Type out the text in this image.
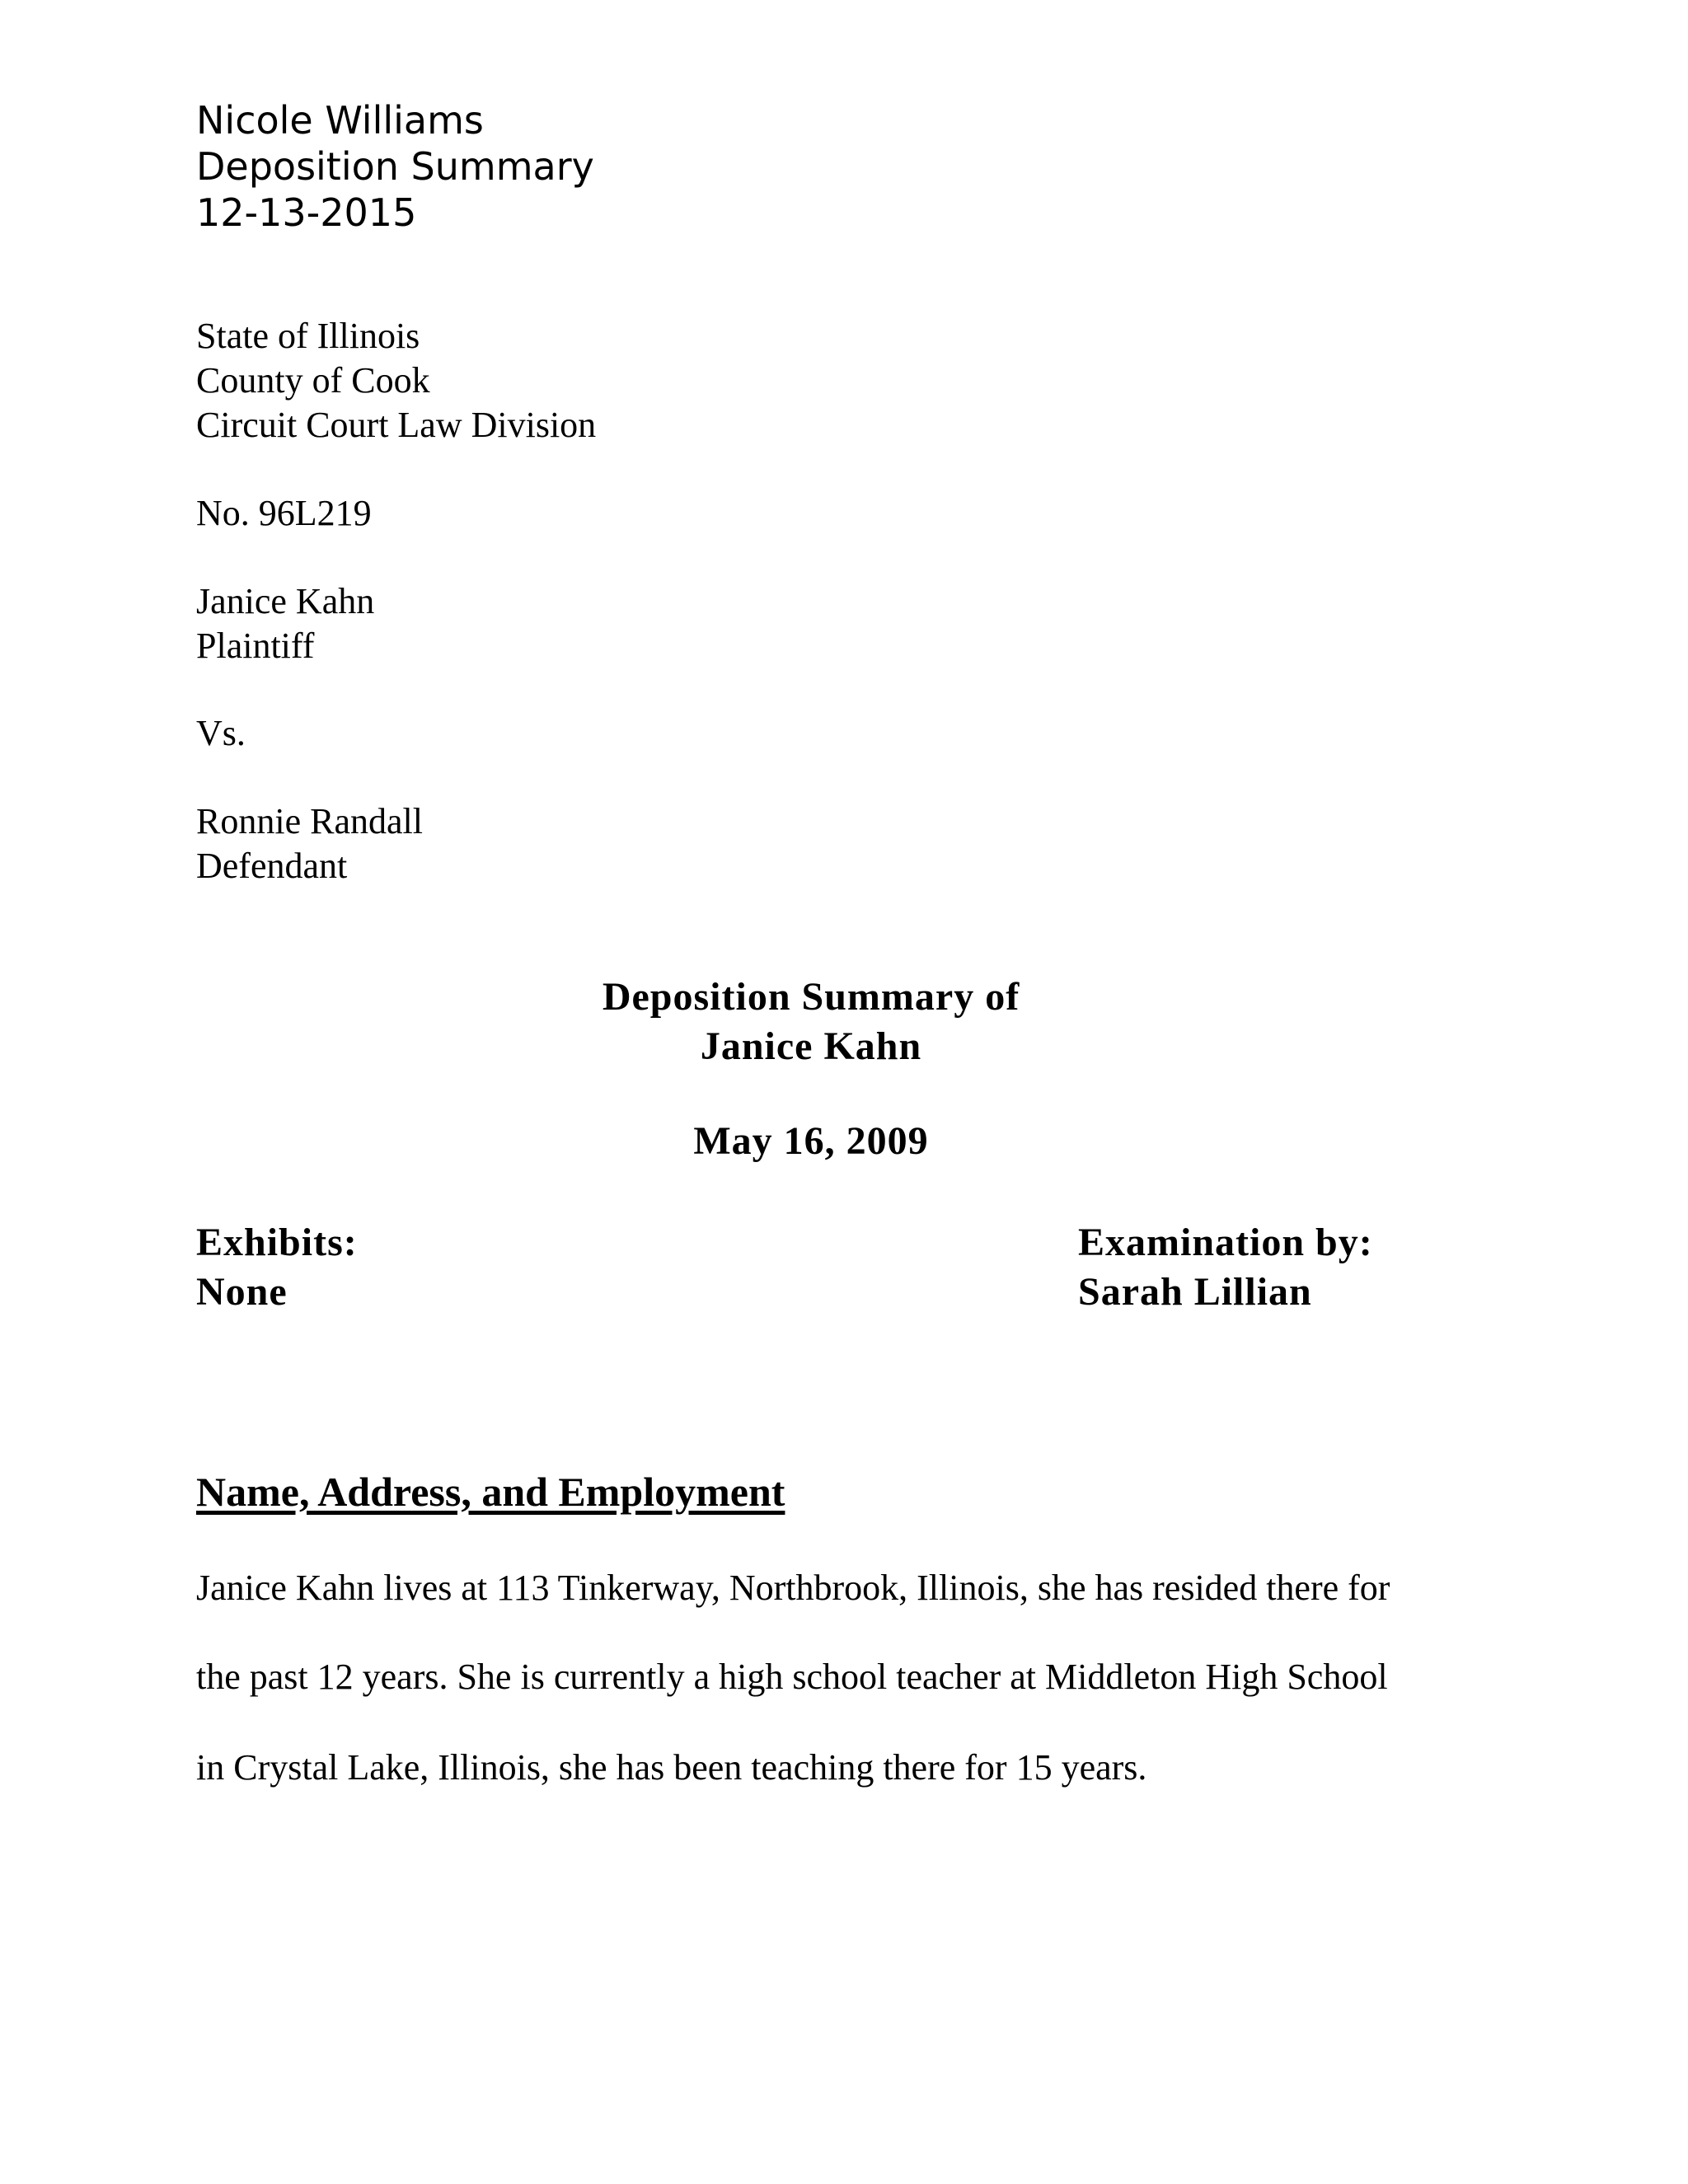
Nicole Williams
Deposition Summary
12-13-2015
State of Illinois
County of Cook
Circuit Court Law Division
No. 96L219
Janice Kahn
Plaintiff
Vs.
Ronnie Randall
Defendant
Deposition Summary of
Janice Kahn
May 16, 2009
Exhibits:
None
Examination by:
Sarah Lillian
Name, Address, and Employment
Janice Kahn lives at 113 Tinkerway, Northbrook, Illinois, she has resided there for
the past 12 years. She is currently a high school teacher at Middleton High School
in Crystal Lake, Illinois, she has been teaching there for 15 years.
